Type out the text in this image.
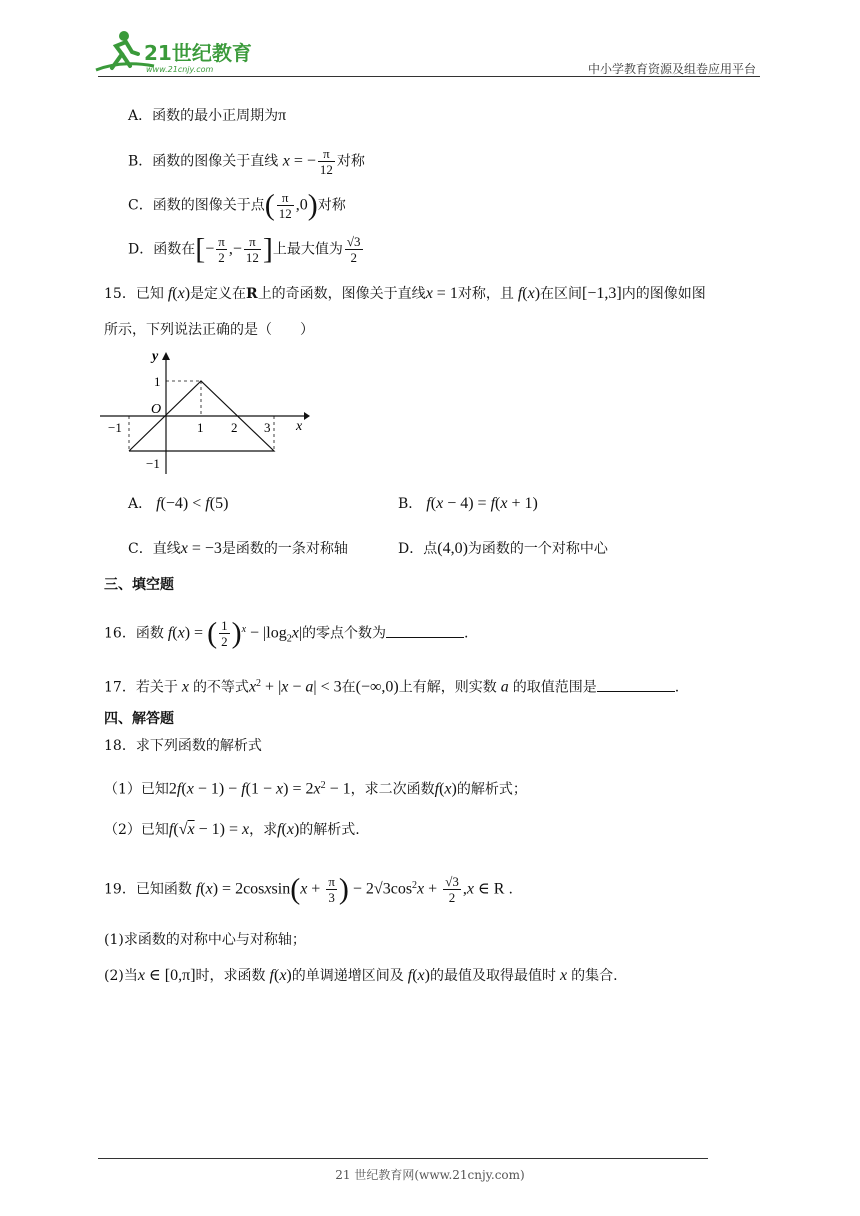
21世纪教育
www.21cnjy.com	中小学教育资源及组卷应用平台
A．函数的最小正周期为π
B．函数的图像关于直线 x = − $\frac{\pi}{12}$ 对称
C．函数的图像关于点( $\frac{\pi}{12} ,0$)对称
D．函数在[− $\frac{\pi}{2}$ ,− $\frac{\pi}{12}$ ]上最大值为 $\frac{√3}{2}$
15．已知 f(x)是定义在R上的奇函数，图像关于直线x = 1对称，且 f(x)在区间[−1,3]内的图像如图
所示，下列说法正确的是（　　）
y
x
O
1
−1
−1	1 2 3
A． f(−4) < f(5)	B． f(x − 4) = f(x + 1)
C．直线x = −3是函数的一条对称轴	D．点(4,0)为函数的一个对称中心
三、填空题
16．函数 f(x) = ( $\frac{1}{2} )^x - |\log_2x|$的零点个数为	.
17．若关于 x 的不等式$x^2 + |x - a| < 3$在(−∞,0)上有解，则实数 a 的取值范围是	.
四、解答题
18．求下列函数的解析式
（1）已知$2f(x - 1) - f(1 - x) = 2x^2 - 1$，求二次函数f(x)的解析式；
（2）已知f(√x − 1) = x，求f(x)的解析式.
19．已知函数 f(x) = 2cosxsin(x + $\frac{\pi}{3}$ ) − $2√3\cos^2x + \frac{√3}{2} ,x$ ∈ R .
(1)求函数的对称中心与对称轴；
(2)当x ∈ [0,π]时，求函数 f(x)的单调递增区间及 f(x)的最值及取得最值时 x 的集合.
21 世纪教育网(www.21cnjy.com)
